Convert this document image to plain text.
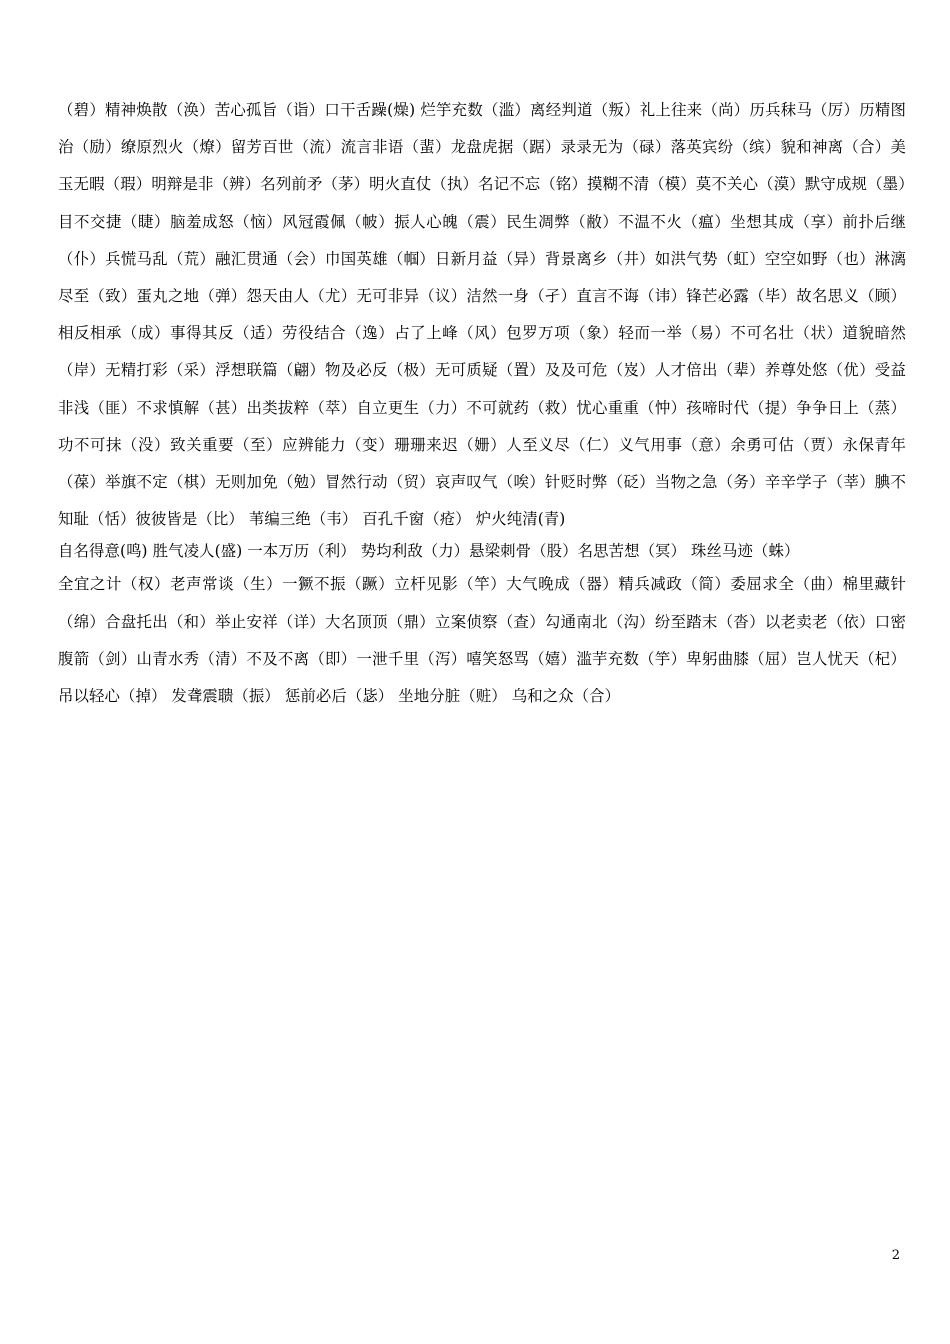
（碧）精神焕散（涣）苦心孤旨（诣）口干舌躁(燥) 烂竽充数（滥）离经判道（叛）礼上往来（尚）历兵秣马（厉）历精图治（励）缭原烈火（燎）留芳百世（流）流言非语（蜚）龙盘虎据（踞）录录无为（碌）落英宾纷（缤）貌和神离（合）美玉无暇（瑕）明辩是非（辨）名列前矛（茅）明火直仗（执）名记不忘（铭）摸糊不清（模）莫不关心（漠）默守成规（墨）目不交捷（睫）脑羞成怒（恼）风冠霞佩（帔）振人心魄（震）民生凋弊（敝）不温不火（瘟）坐想其成（享）前扑后继（仆）兵慌马乱（荒）融汇贯通（会）巾国英雄（帼）日新月益（异）背景离乡（井）如洪气势（虹）空空如野（也）淋漓尽至（致）蛋丸之地（弹）怨天由人（尤）无可非异（议）洁然一身（孑）直言不诲（讳）锋芒必露（毕）故名思义（顾）相反相承（成）事得其反（适）劳役结合（逸）占了上峰（风）包罗万项（象）轻而一举（易）不可名壮（状）道貌暗然（岸）无精打彩（采）浮想联篇（翩）物及必反（极）无可质疑（置）及及可危（岌）人才倍出（辈）养尊处悠（优）受益非浅（匪）不求慎解（甚）出类拔粹（萃）自立更生（力）不可就药（救）忧心重重（忡）孩啼时代（提）争争日上（蒸）功不可抹（没）致关重要（至）应辨能力（变）珊珊来迟（姗）人至义尽（仁）义气用事（意）余勇可估（贾）永保青年（葆）举旗不定（棋）无则加免（勉）冒然行动（贸）哀声叹气（唉）针贬时弊（砭）当物之急（务）辛辛学子（莘）腆不知耻（恬）彼彼皆是（比） 苇编三绝（韦） 百孔千窗（疮） 炉火纯清(青)

自名得意(鸣) 胜气凌人(盛) 一本万历（利） 势均利敌（力）悬梁刺骨（股）名思苦想（冥） 珠丝马迹（蛛）

全宜之计（权）老声常谈（生）一獗不振（蹶）立杆见影（竿）大气晚成（器）精兵减政（简）委屈求全（曲）棉里藏针（绵）合盘托出（和）举止安祥（详）大名顶顶（鼎）立案侦察（查）勾通南北（沟）纷至踏末（沓）以老卖老（依）口密腹箭（剑）山青水秀（清）不及不离（即）一泄千里（泻）嘻笑怒骂（嬉）滥芋充数（竽）卑躬曲膝（屈）岂人忧天（杞）吊以轻心（掉） 发聋震聩（振） 惩前必后（毖） 坐地分脏（赃） 乌和之众（合）

2
